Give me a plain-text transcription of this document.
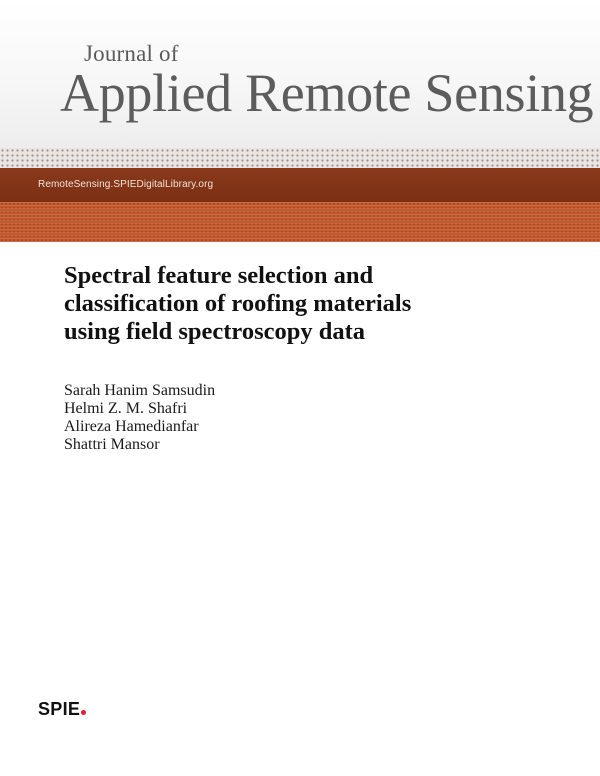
Journal of
Applied Remote Sensing
RemoteSensing.SPIEDigitalLibrary.org
Spectral feature selection and
classification of roofing materials
using field spectroscopy data
Sarah Hanim Samsudin
Helmi Z. M. Shafri
Alireza Hamedianfar
Shattri Mansor
SPIE
